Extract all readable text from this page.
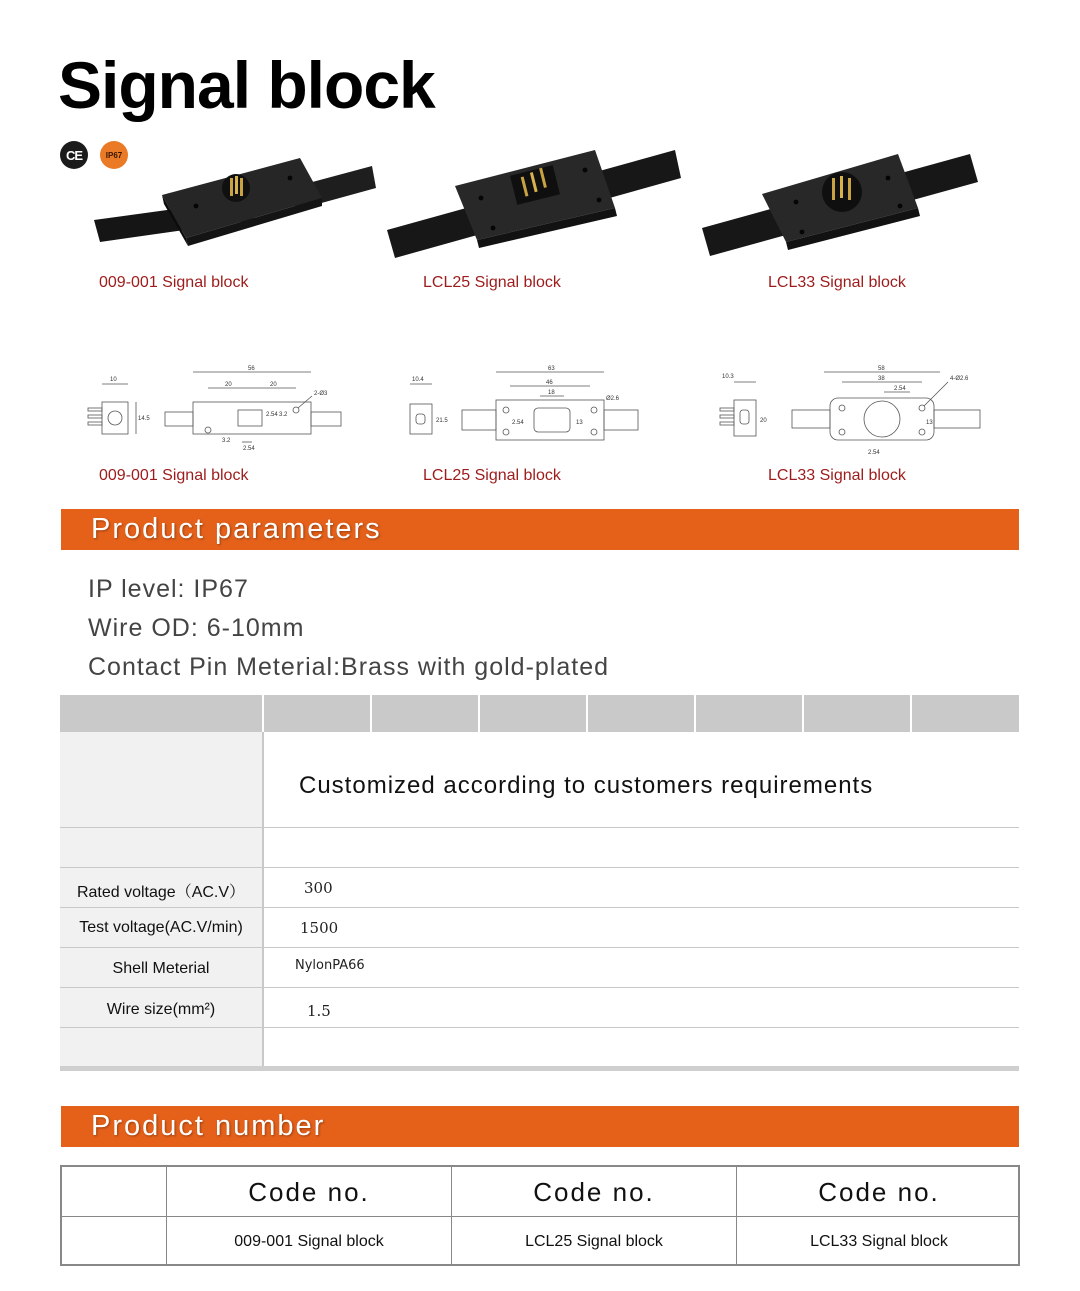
Signal block
CE	IP67
009-001 Signal block	LCL25 Signal block	LCL33 Signal block
10
14.5
56
20	20
2.54
3.2
3.2
2.54
2-Ø3
10.4
21.5
63
46
18
2.54	13
Ø2.6
10.3
20
58
38
2.54
2.54
13
4-Ø2.6
009-001 Signal block	LCL25 Signal block	LCL33 Signal block
Product parameters
IP level: IP67
Wire OD: 6-10mm
Contact Pin Meterial:Brass with gold-plated
Customized according to customers requirements
Rated voltage（AC.V）	300
Test voltage(AC.V/min)	1500
Shell Meterial	NylonPA66
Wire size(mm²)	1.5
Product number
Code no.	Code no.	Code no.
009-001 Signal block	LCL25 Signal block	LCL33 Signal block
